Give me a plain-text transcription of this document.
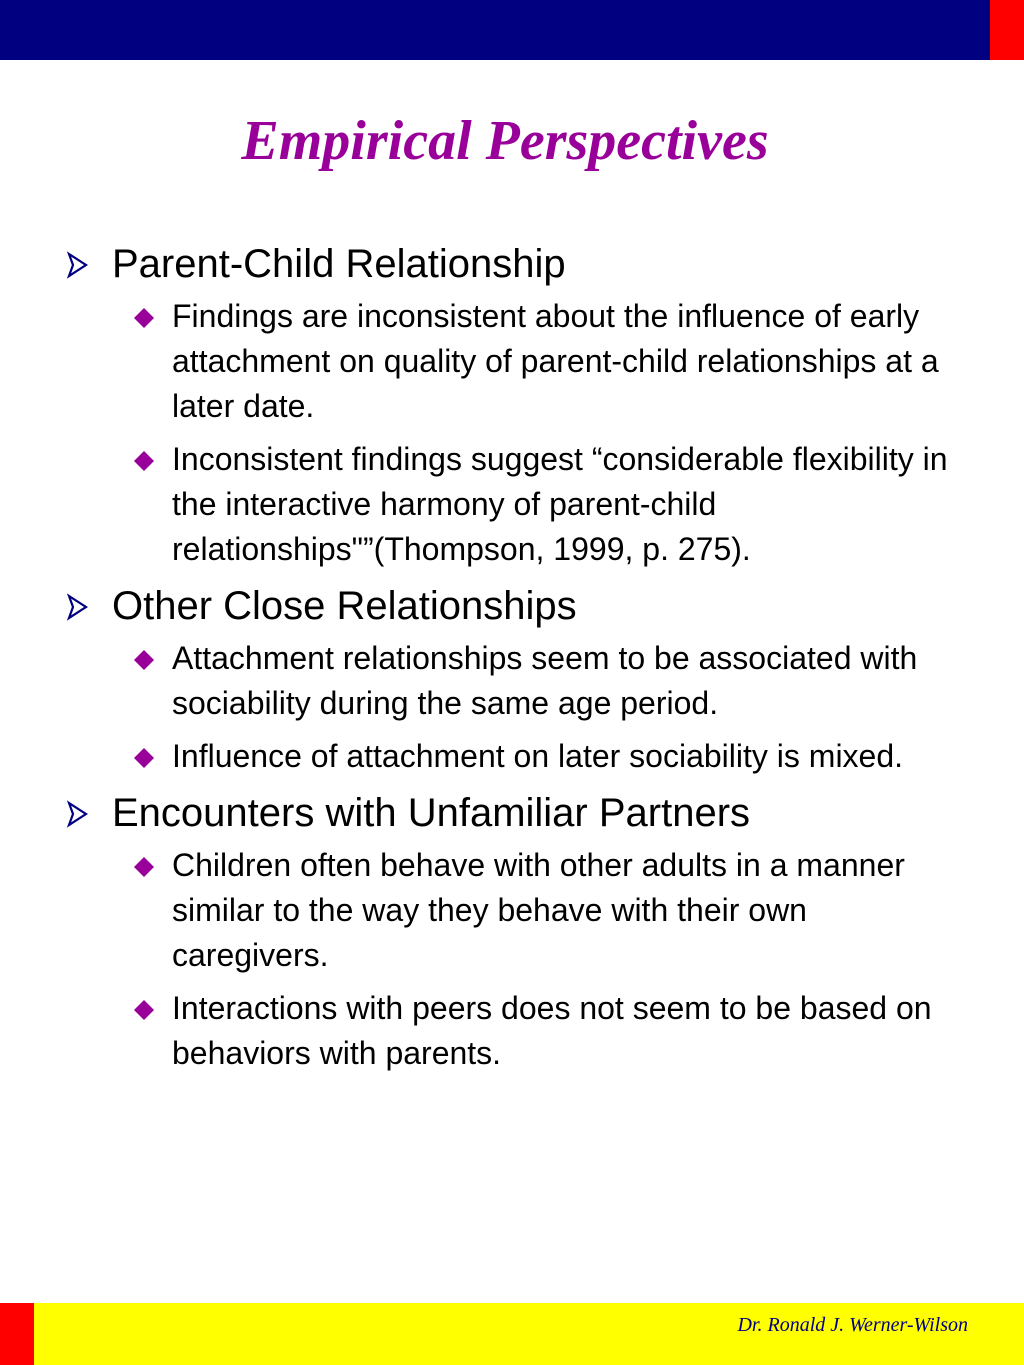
Empirical Perspectives
Parent-Child Relationship
Findings are inconsistent about the influence of early attachment on quality of parent-child relationships at a later date.
Inconsistent findings suggest “considerable flexibility in the interactive harmony of parent-child relationships"”(Thompson, 1999, p. 275).
Other Close Relationships
Attachment relationships seem to be associated with sociability during the same age period.
Influence of attachment on later sociability is mixed.
Encounters with Unfamiliar Partners
Children often behave with other adults in a manner similar to the way they behave with their own caregivers.
Interactions with peers does not seem to be based on behaviors with parents.
Dr. Ronald J. Werner-Wilson
